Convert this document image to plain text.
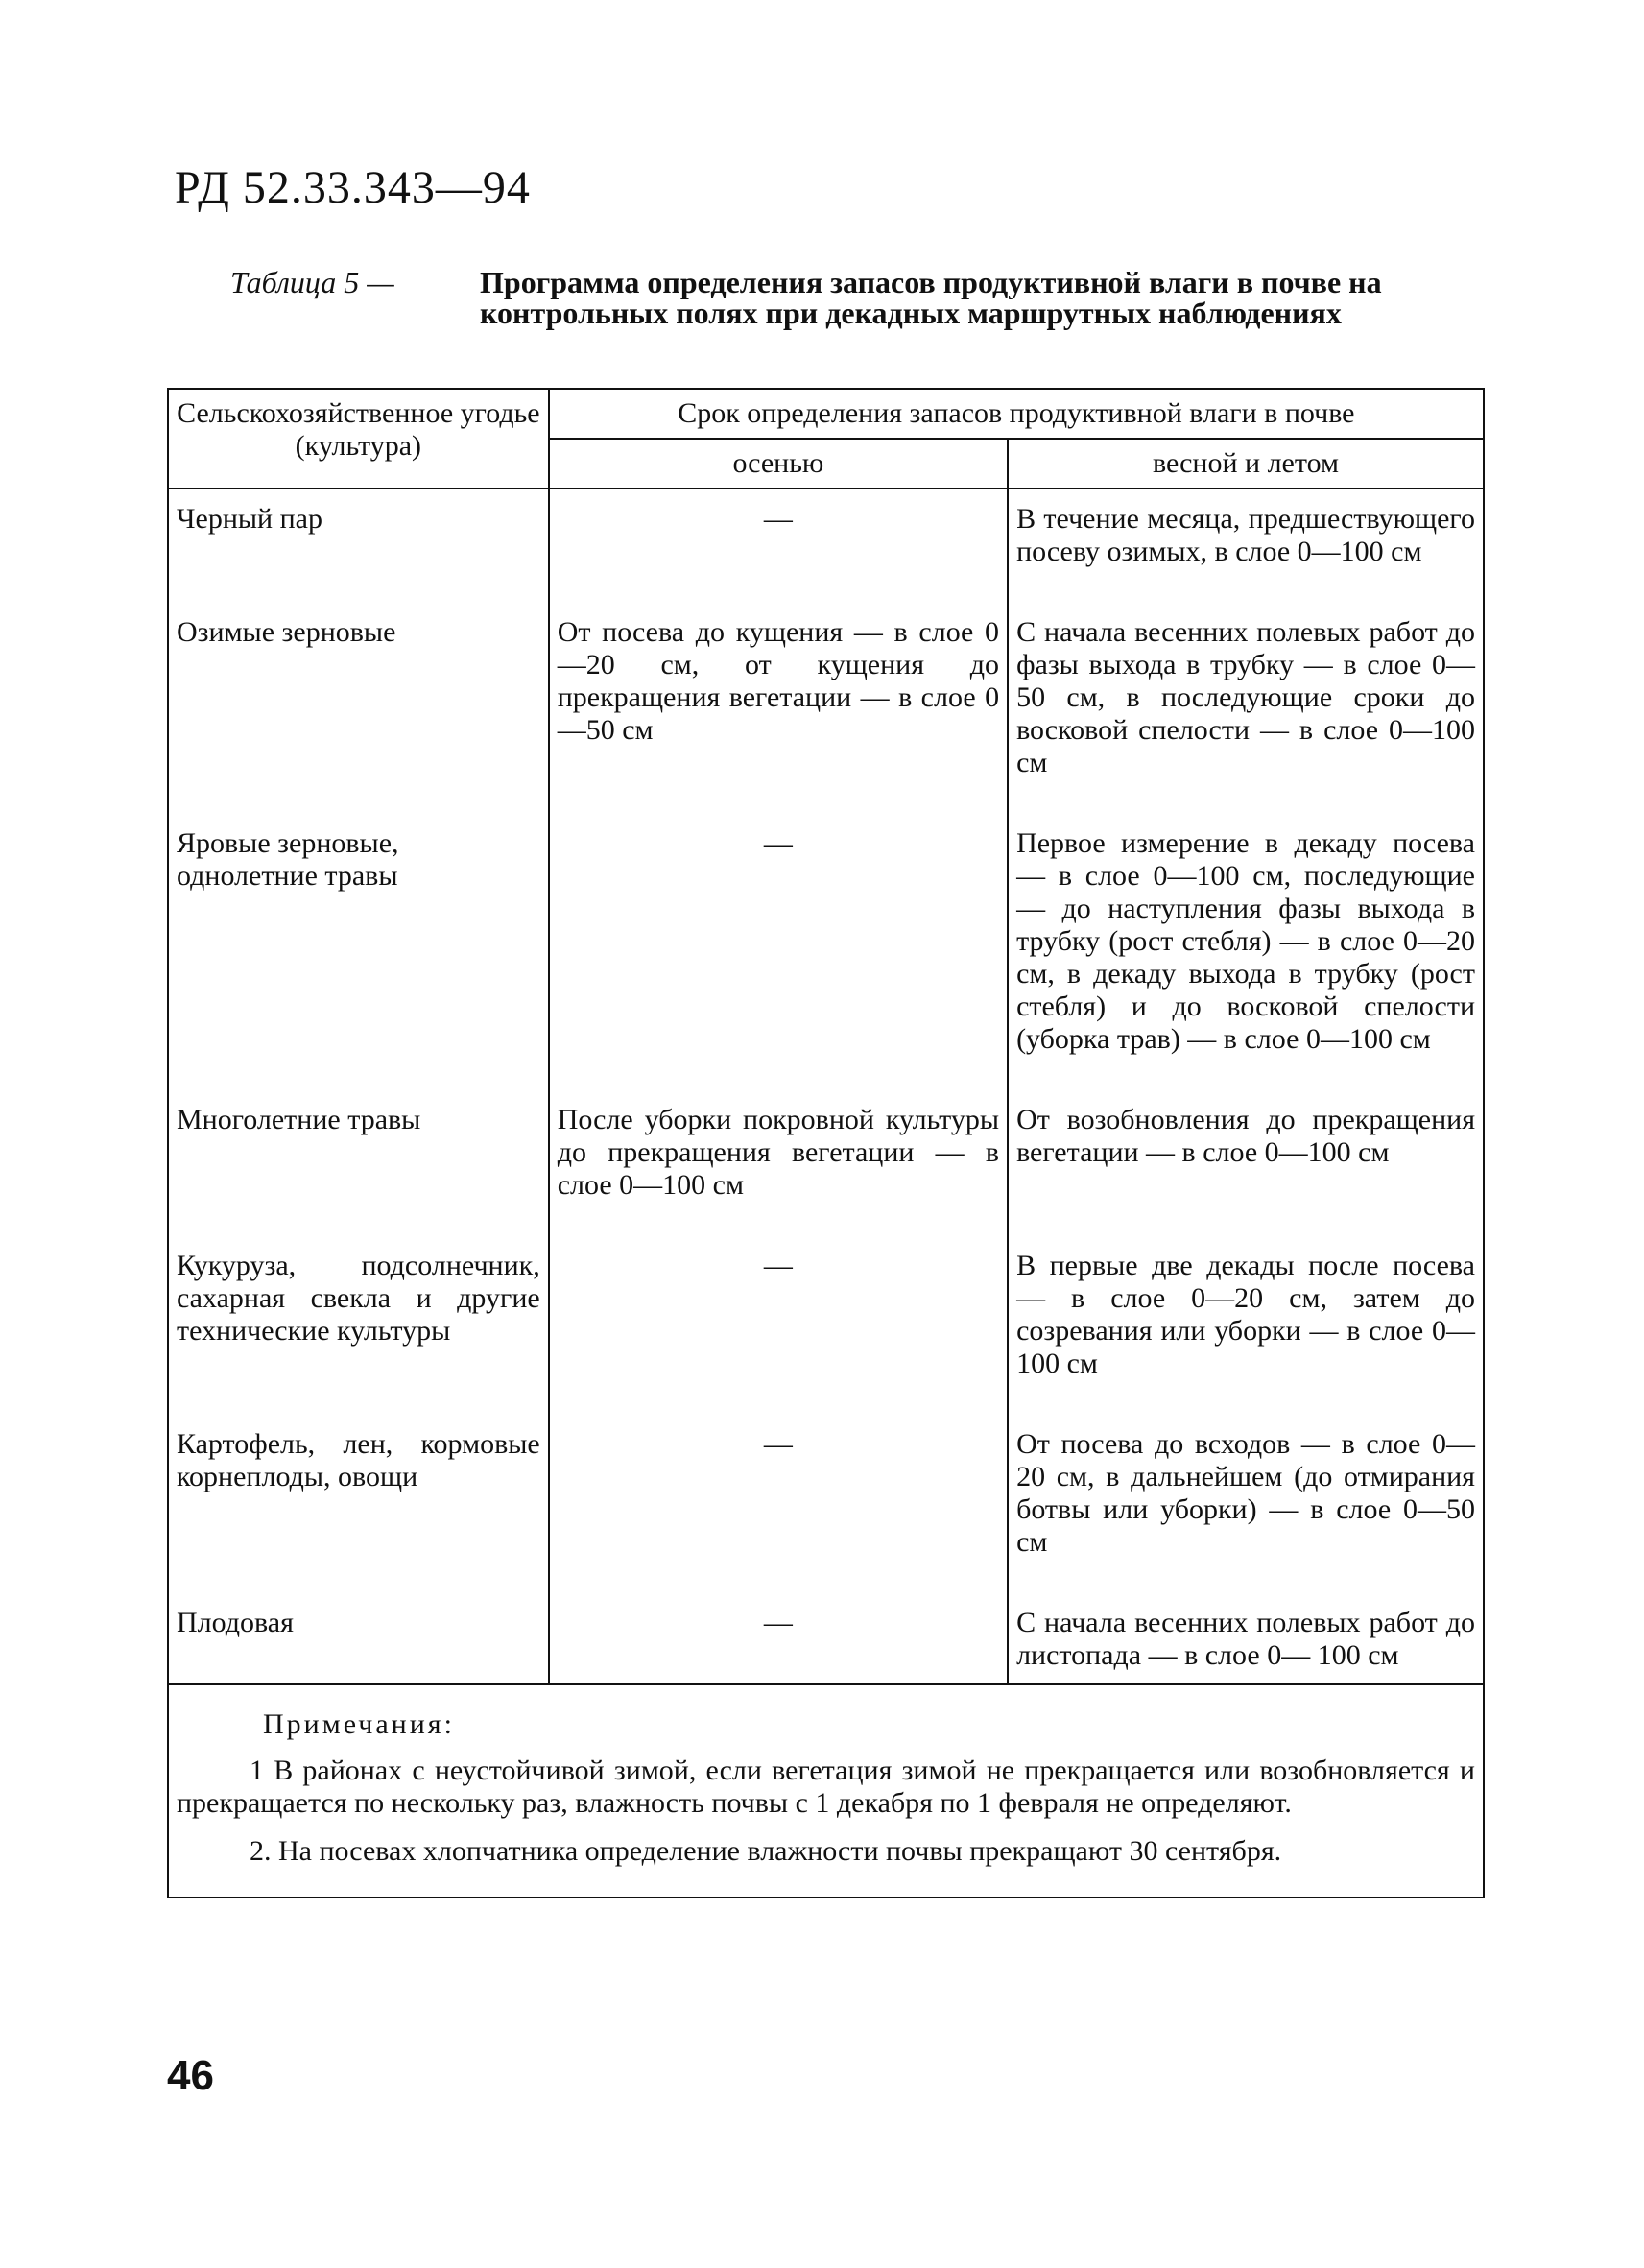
РД 52.33.343—94
Таблица 5 —	Программа определения запасов продуктивной влаги в почве на контрольных полях при декадных маршрутных наблюдениях
Сельскохозяйственное угодье (культура)	Срок определения запасов продуктивной влаги в почве	
	осенью	весной и летом
Черный пар	—	В течение месяца, предшествующего посеву озимых, в слое 0—100 см
Озимые зерновые	От посева до кущения — в слое 0—20 см, от кущения до прекращения вегетации — в слое 0—50 см	С начала весенних полевых работ до фазы выхода в трубку — в слое 0—50 см, в последующие сроки до восковой спелости — в слое 0—100 см
Яровые зерновые, однолетние травы	—	Первое измерение в декаду посева — в слое 0—100 см, последующие — до наступления фазы выхода в трубку (рост стебля) — в слое 0—20 см, в декаду выхода в трубку (рост стебля) и до восковой спелости (уборка трав) — в слое 0—100 см
Многолетние травы	После уборки покровной культуры до прекращения вегетации — в слое 0—100 см	От возобновления до прекращения вегетации — в слое 0—100 см
Кукуруза, подсолнечник, сахарная свекла и другие технические культуры	—	В первые две декады после посева — в слое 0—20 см, затем до созревания или уборки — в слое 0—100 см
Картофель, лен, кормовые корнеплоды, овощи	—	От посева до всходов — в слое 0—20 см, в дальнейшем (до отмирания ботвы или уборки) — в слое 0—50 см
Плодовая	—	С начала весенних полевых работ до листопада — в слое 0— 100 см

Примечания:

1 В районах с неустойчивой зимой, если вегетация зимой не прекращается или возобновляется и прекращается по нескольку раз, влажность почвы с 1 декабря по 1 февраля не определяют.

2. На посевах хлопчатника определение влажности почвы прекращают 30 сентября.		

46
